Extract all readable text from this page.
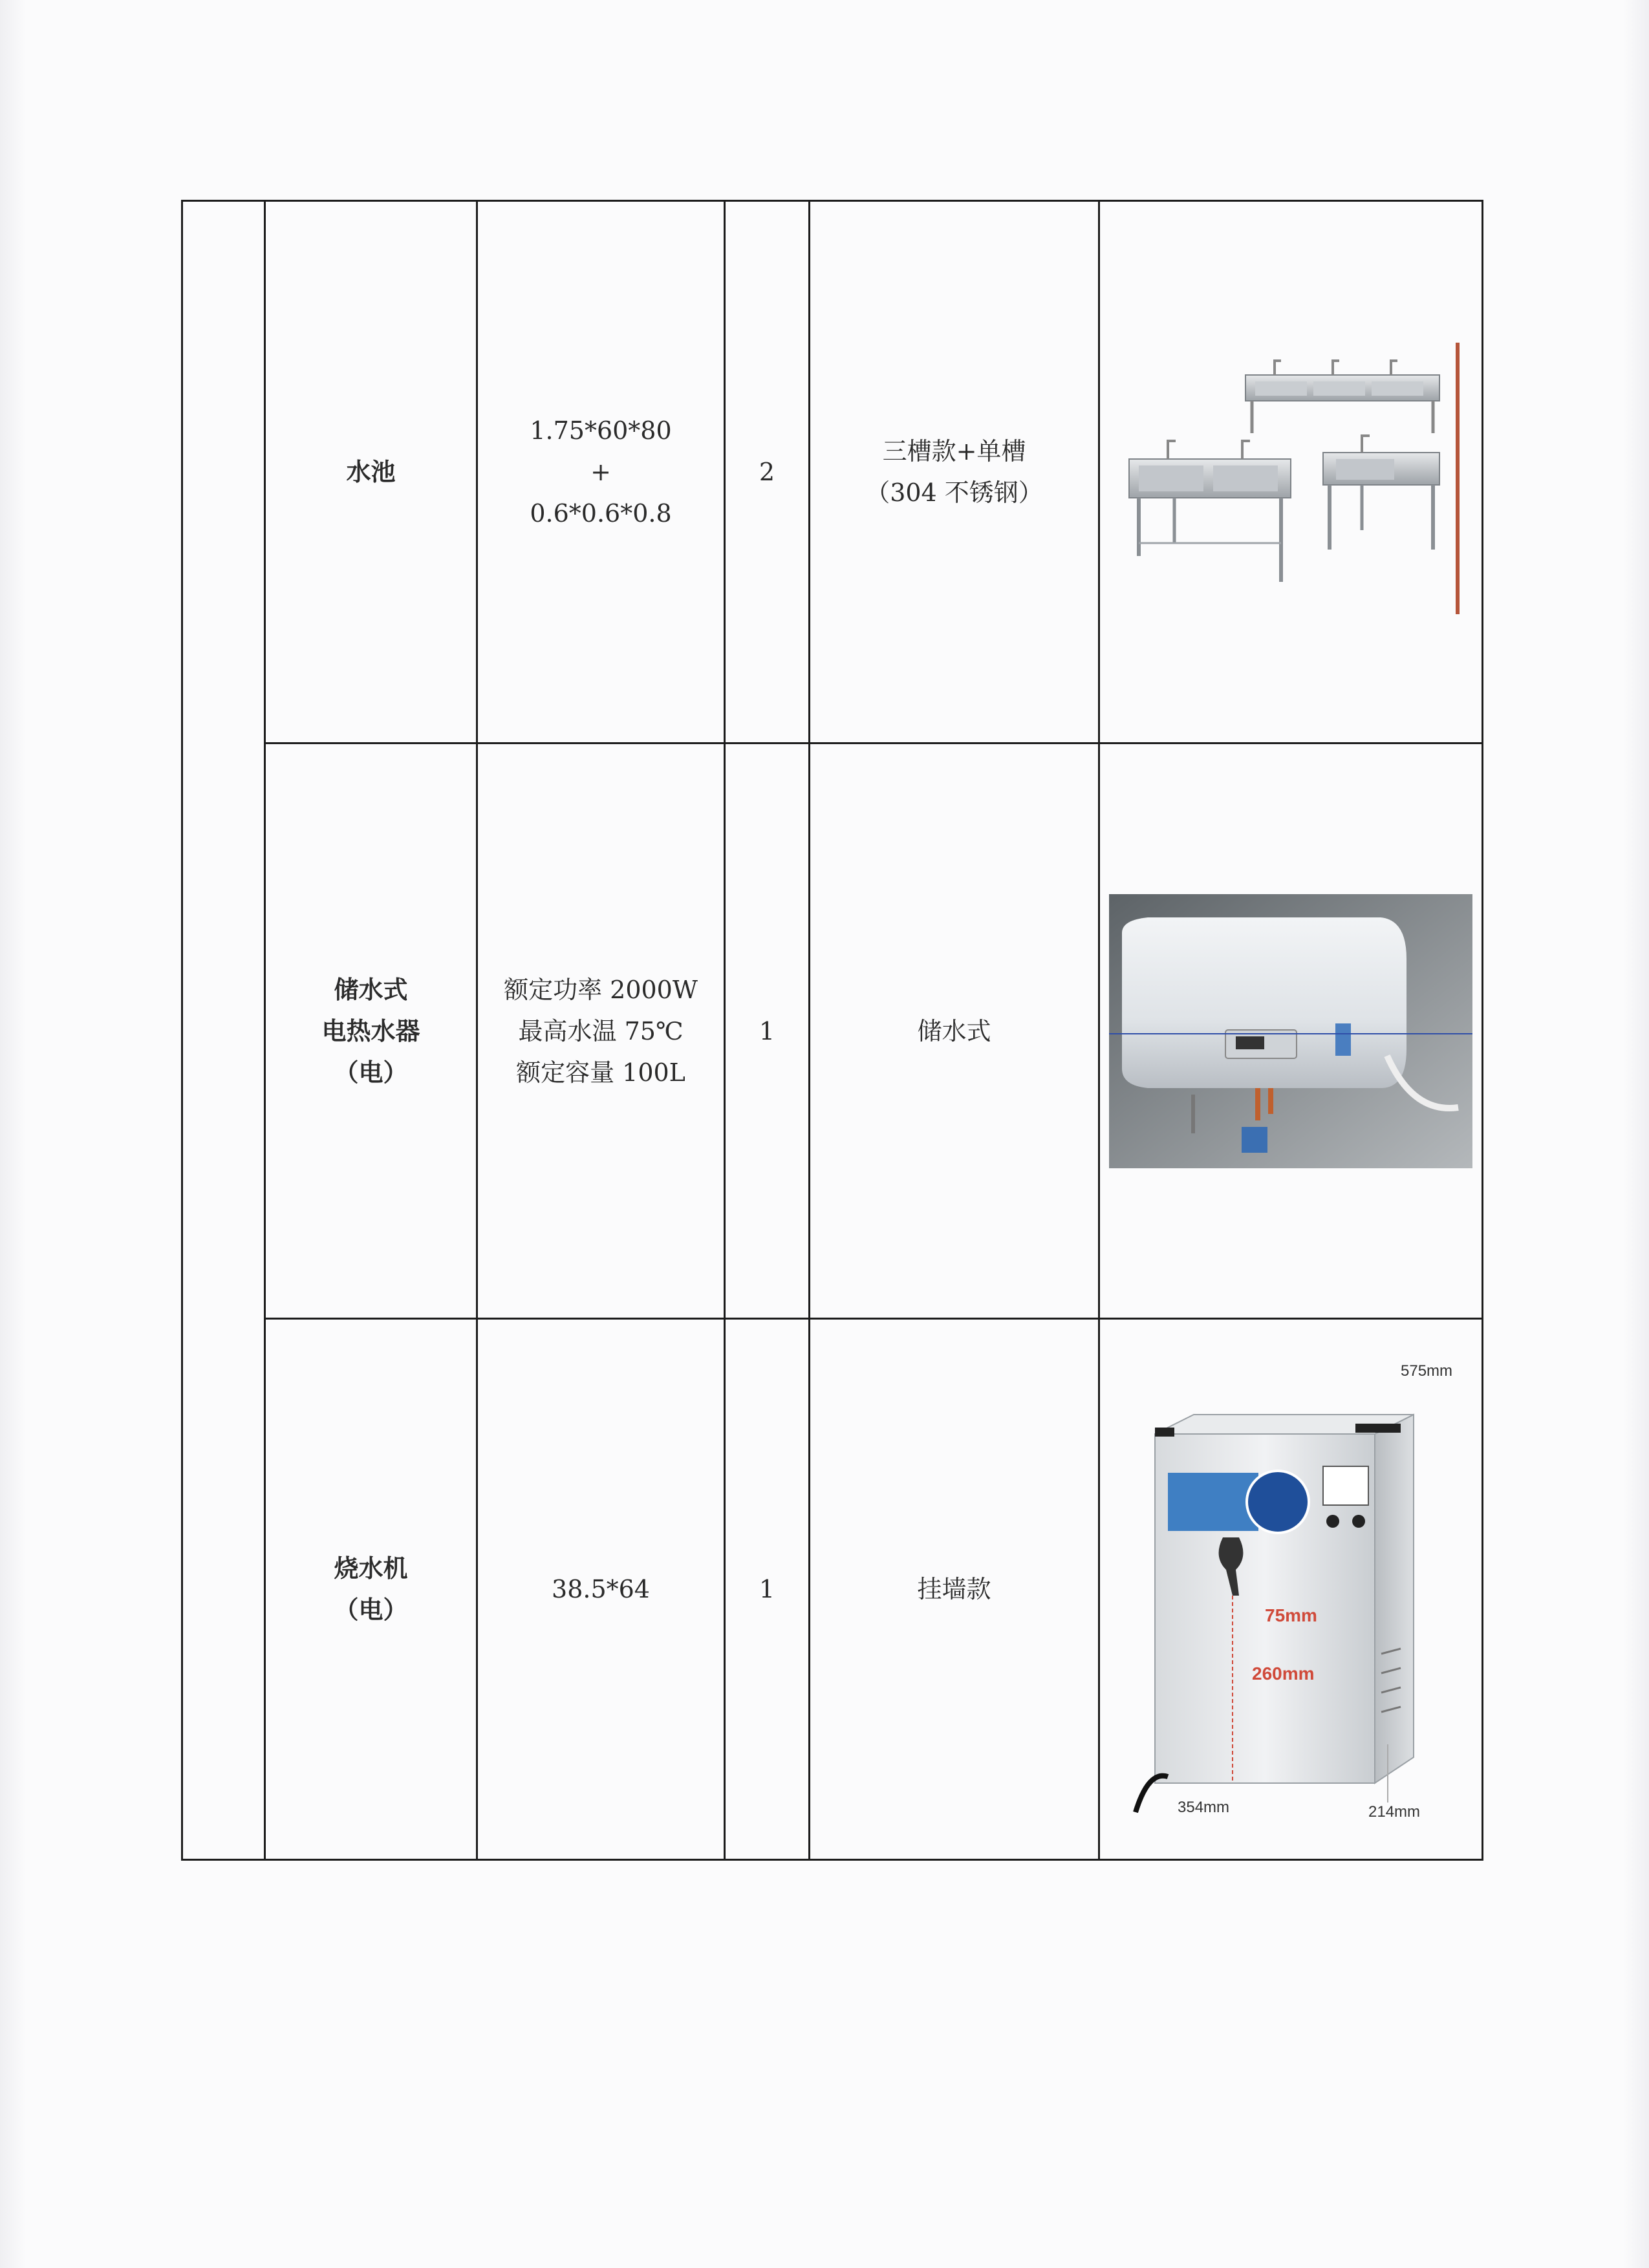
	水池	1.75*60*80
+
0.6*0.6*0.8	2	三槽款+单槽
（304 不锈钢）

	储水式
电热水器
（电）	额定功率 2000W
最高水温 75℃
额定容量 100L	1	储水式

	烧水机
（电）	38.5*64	1	挂墙款	575mm
75mm
260mm
354mm 214mm
